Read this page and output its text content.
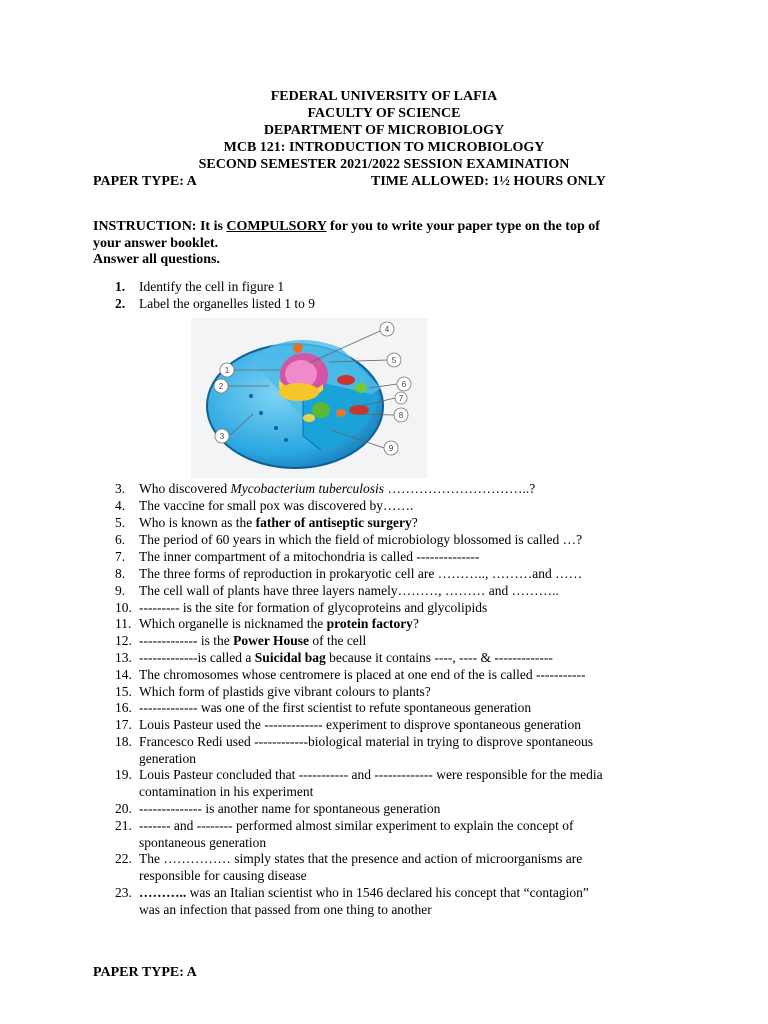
FEDERAL UNIVERSITY OF LAFIA
FACULTY OF SCIENCE
DEPARTMENT OF MICROBIOLOGY
MCB 121: INTRODUCTION TO MICROBIOLOGY
SECOND SEMESTER 2021/2022 SESSION EXAMINATION
PAPER TYPE: A	TIME ALLOWED: 1½ HOURS ONLY
INSTRUCTION: It is COMPULSORY for you to write your paper type on the top of
your answer booklet.
Answer all questions.
1. Identify the cell in figure 1
2. Label the organelles listed 1 to 9
1
2
3
4
5
6
7
8
9
3. Who discovered Mycobacterium tuberculosis …………………………..?
4. The vaccine for small pox was discovered by…….
5. Who is known as the father of antiseptic surgery?
6. The period of 60 years in which the field of microbiology blossomed is called …?
7. The inner compartment of a mitochondria is called --------------
8. The three forms of reproduction in prokaryotic cell are ……….., ………and ……
9. The cell wall of plants have three layers namely………, ……… and ………..
10. --------- is the site for formation of glycoproteins and glycolipids
11. Which organelle is nicknamed the protein factory?
12. ------------- is the Power House of the cell
13. -------------is called a Suicidal bag because it contains ----, ---- & -------------
14. The chromosomes whose centromere is placed at one end of the is called -----------
15. Which form of plastids give vibrant colours to plants?
16. ------------- was one of the first scientist to refute spontaneous generation
17. Louis Pasteur used the ------------- experiment to disprove spontaneous generation
18. Francesco Redi used ------------biological material in trying to disprove spontaneous
generation
19. Louis Pasteur concluded that ----------- and ------------- were responsible for the media
contamination in his experiment
20. -------------- is another name for spontaneous generation
21. ------- and -------- performed almost similar experiment to explain the concept of
spontaneous generation
22. The …………… simply states that the presence and action of microorganisms are
responsible for causing disease
23. ……….. was an Italian scientist who in 1546 declared his concept that “contagion”
was an infection that passed from one thing to another
PAPER TYPE: A
